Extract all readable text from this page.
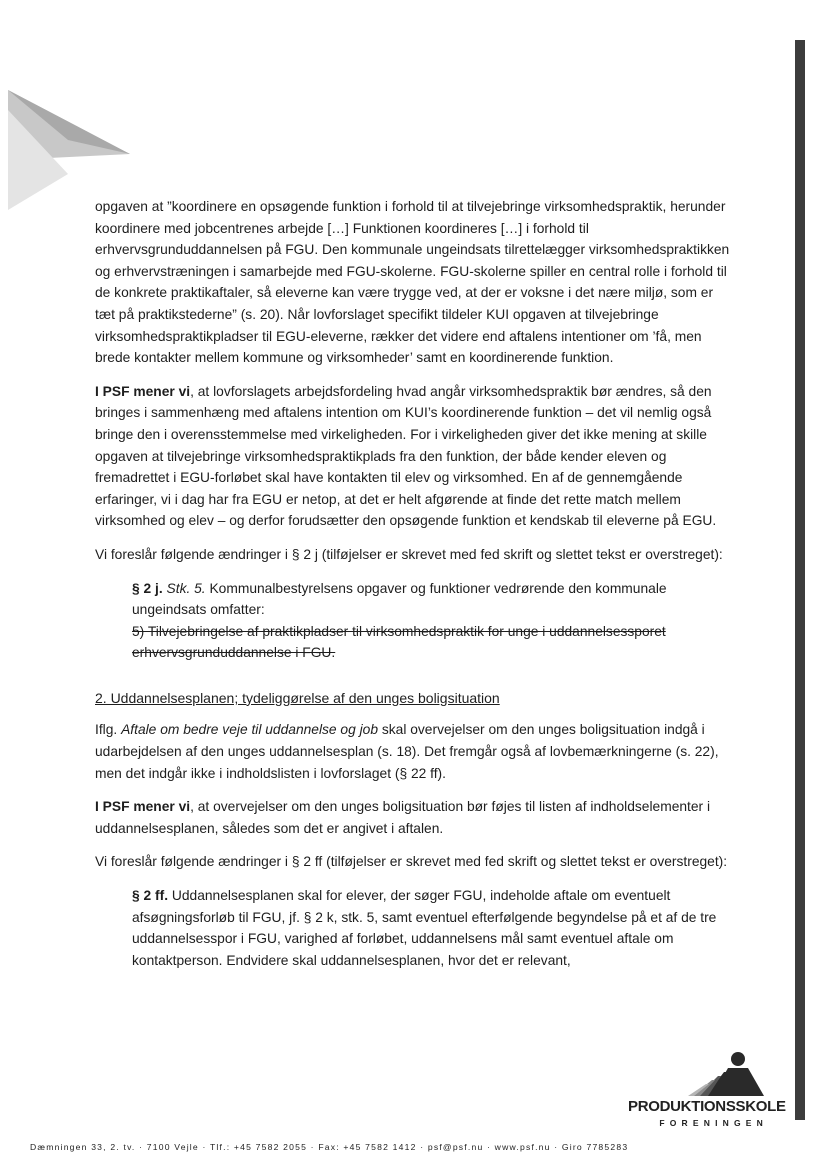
opgaven at ”koordinere en opsøgende funktion i forhold til at tilvejebringe virksomhedspraktik, herunder koordinere med jobcentrenes arbejde […] Funktionen koordineres […] i forhold til erhvervsgrunduddannelsen på FGU. Den kommunale ungeindsats tilrettelægger virksomhedspraktikken og erhvervstræningen i samarbejde med FGU-skolerne. FGU-skolerne spiller en central rolle i forhold til de konkrete praktikaftaler, så eleverne kan være trygge ved, at der er voksne i det nære miljø, som er tæt på praktikstederne” (s. 20). Når lovforslaget specifikt tildeler KUI opgaven at tilvejebringe virksomhedspraktikpladser til EGU-eleverne, rækker det videre end aftalens intentioner om ’få, men brede kontakter mellem kommune og virksomheder’ samt en koordinerende funktion.

I PSF mener vi, at lovforslagets arbejdsfordeling hvad angår virksomhedspraktik bør ændres, så den bringes i sammenhæng med aftalens intention om KUI’s koordinerende funktion – det vil nemlig også bringe den i overensstemmelse med virkeligheden. For i virkeligheden giver det ikke mening at skille opgaven at tilvejebringe virksomhedspraktikplads fra den funktion, der både kender eleven og fremadrettet i EGU-forløbet skal have kontakten til elev og virksomhed. En af de gennemgående erfaringer, vi i dag har fra EGU er netop, at det er helt afgørende at finde det rette match mellem virksomhed og elev – og derfor forudsætter den opsøgende funktion et kendskab til eleverne på EGU.

Vi foreslår følgende ændringer i § 2 j (tilføjelser er skrevet med fed skrift og slettet tekst er overstreget):

§ 2 j. Stk. 5. Kommunalbestyrelsens opgaver og funktioner vedrørende den kommunale ungeindsats omfatter:
5) Tilvejebringelse af praktikpladser til virksomhedspraktik for unge i uddannelsessporet erhvervsgrunduddannelse i FGU.

2. Uddannelsesplanen; tydeliggørelse af den unges boligsituation

Iflg. Aftale om bedre veje til uddannelse og job skal overvejelser om den unges boligsituation indgå i udarbejdelsen af den unges uddannelsesplan (s. 18). Det fremgår også af lovbemærkningerne (s. 22), men det indgår ikke i indholdslisten i lovforslaget (§ 22 ff).

I PSF mener vi, at overvejelser om den unges boligsituation bør føjes til listen af indholdselementer i uddannelsesplanen, således som det er angivet i aftalen.

Vi foreslår følgende ændringer i § 2 ff (tilføjelser er skrevet med fed skrift og slettet tekst er overstreget):

§ 2 ff. Uddannelsesplanen skal for elever, der søger FGU, indeholde aftale om eventuelt afsøgningsforløb til FGU, jf. § 2 k, stk. 5, samt eventuel efterfølgende begyndelse på et af de tre uddannelsesspor i FGU, varighed af forløbet, uddannelsens mål samt eventuel aftale om kontaktperson. Endvidere skal uddannelsesplanen, hvor det er relevant,

PRODUKTIONSSKOLE
FORENINGEN
Dæmningen 33, 2. tv. · 7100 Vejle · Tlf.: +45 7582 2055 · Fax: +45 7582 1412 · psf@psf.nu · www.psf.nu · Giro 7785283
